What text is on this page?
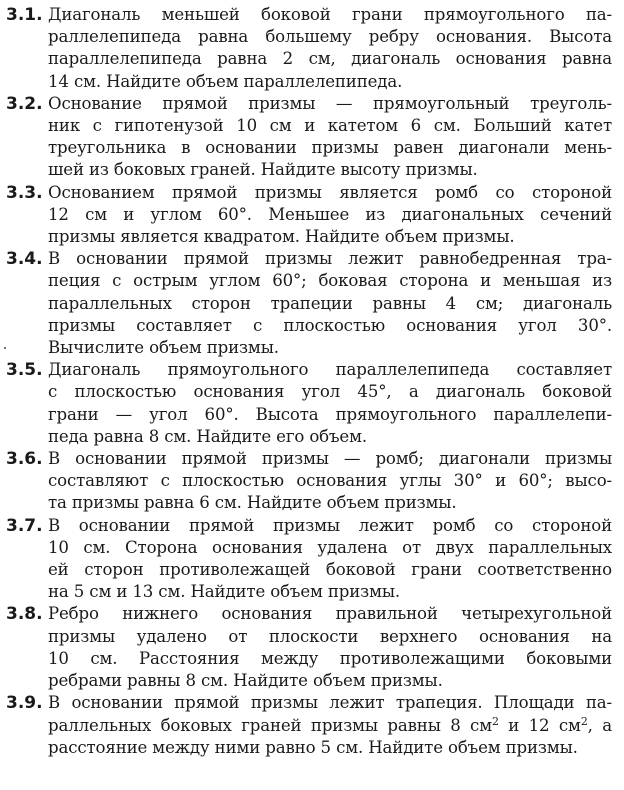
3.1. Диагональ меньшей боковой грани прямоугольного па-
раллелепипеда равна большему ребру основания. Высота
параллелепипеда равна 2 см, диагональ основания равна
14 см. Найдите объем параллелепипеда.
3.2. Основание прямой призмы — прямоугольный треуголь-
ник с гипотенузой 10 см и катетом 6 см. Больший катет
треугольника в основании призмы равен диагонали мень-
шей из боковых граней. Найдите высоту призмы.
3.3. Основанием прямой призмы является ромб со стороной
12 см и углом 60°. Меньшее из диагональных сечений
призмы является квадратом. Найдите объем призмы.
3.4. В основании прямой призмы лежит равнобедренная тра-
пеция с острым углом 60°; боковая сторона и меньшая из
параллельных сторон трапеции равны 4 см; диагональ
призмы составляет с плоскостью основания угол 30°.
Вычислите объем призмы.
3.5. Диагональ прямоугольного параллелепипеда составляет
с плоскостью основания угол 45°, а диагональ боковой
грани — угол 60°. Высота прямоугольного параллелепи-
педа равна 8 см. Найдите его объем.
3.6. В основании прямой призмы — ромб; диагонали призмы
составляют с плоскостью основания углы 30° и 60°; высо-
та призмы равна 6 см. Найдите объем призмы.
3.7. В основании прямой призмы лежит ромб со стороной
10 см. Сторона основания удалена от двух параллельных
ей сторон противолежащей боковой грани соответственно
на 5 см и 13 см. Найдите объем призмы.
3.8. Ребро нижнего основания правильной четырехугольной
призмы удалено от плоскости верхнего основания на
10 см. Расстояния между противолежащими боковыми
ребрами равны 8 см. Найдите объем призмы.
3.9. В основании прямой призмы лежит трапеция. Площади па-
раллельных боковых граней призмы равны 8 $см^2$ и 12 $см^2$, а
расстояние между ними равно 5 см. Найдите объем призмы.
